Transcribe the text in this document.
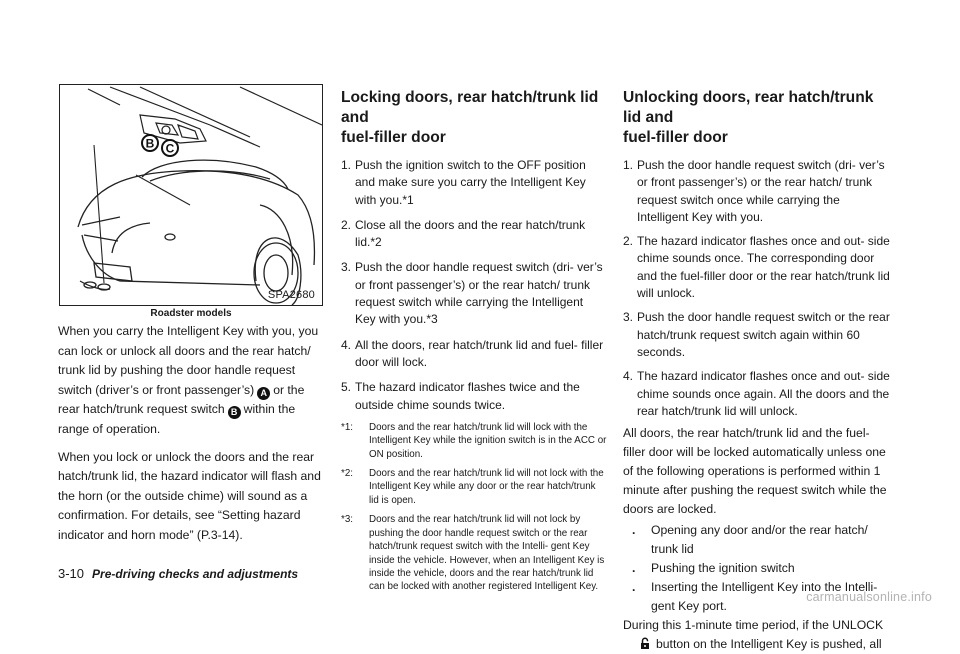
B C
SPA2680
Roadster models

When you carry the Intelligent Key with you, you can lock or unlock all doors and the rear hatch/ trunk lid by pushing the door handle request switch (driver’s or front passenger’s) A or the rear hatch/trunk request switch B within the range of operation.

When you lock or unlock the doors and the rear hatch/trunk lid, the hazard indicator will flash and the horn (or the outside chime) will sound as a confirmation. For details, see “Setting hazard indicator and horn mode” (P.3-14).

Locking doors, rear hatch/trunk lid and
fuel-filler door
1. Push the ignition switch to the OFF position and make sure you carry the Intelligent Key with you.*1
2. Close all the doors and the rear hatch/trunk lid.*2
3. Push the door handle request switch (dri- ver’s or front passenger’s) or the rear hatch/ trunk request switch while carrying the Intelligent Key with you.*3
4. All the doors, rear hatch/trunk lid and fuel- filler door will lock.
5. The hazard indicator flashes twice and the outside chime sounds twice.
*1: Doors and the rear hatch/trunk lid will lock with the Intelligent Key while the ignition switch is in the ACC or ON position.
*2: Doors and the rear hatch/trunk lid will not lock with the Intelligent Key while any door or the rear hatch/trunk lid is open.
*3: Doors and the rear hatch/trunk lid will not lock by pushing the door handle request switch or the rear hatch/trunk request switch with the Intelli- gent Key inside the vehicle. However, when an Intelligent Key is inside the vehicle, doors and the rear hatch/trunk lid can be locked with another registered Intelligent Key.
Unlocking doors, rear hatch/trunk lid and
fuel-filler door
1. Push the door handle request switch (dri- ver’s or front passenger’s) or the rear hatch/ trunk request switch once while carrying the Intelligent Key with you.
2. The hazard indicator flashes once and out- side chime sounds once. The corresponding door and the fuel-filler door or the rear hatch/trunk lid will unlock.
3. Push the door handle request switch or the rear hatch/trunk request switch again within 60 seconds.
4. The hazard indicator flashes once and out- side chime sounds once again. All the doors and the rear hatch/trunk lid will unlock.

All doors, the rear hatch/trunk lid and the fuel- filler door will be locked automatically unless one of the following operations is performed within 1 minute after pushing the request switch while the doors are locked.

. Opening any door and/or the rear hatch/ trunk lid
. Pushing the ignition switch
. Inserting the Intelligent Key into the Intelli- gent Key port.

During this 1-minute time period, if the UNLOCK
button on the Intelligent Key is pushed, all

3-10 Pre-driving checks and adjustments
carmanualsonline.info
